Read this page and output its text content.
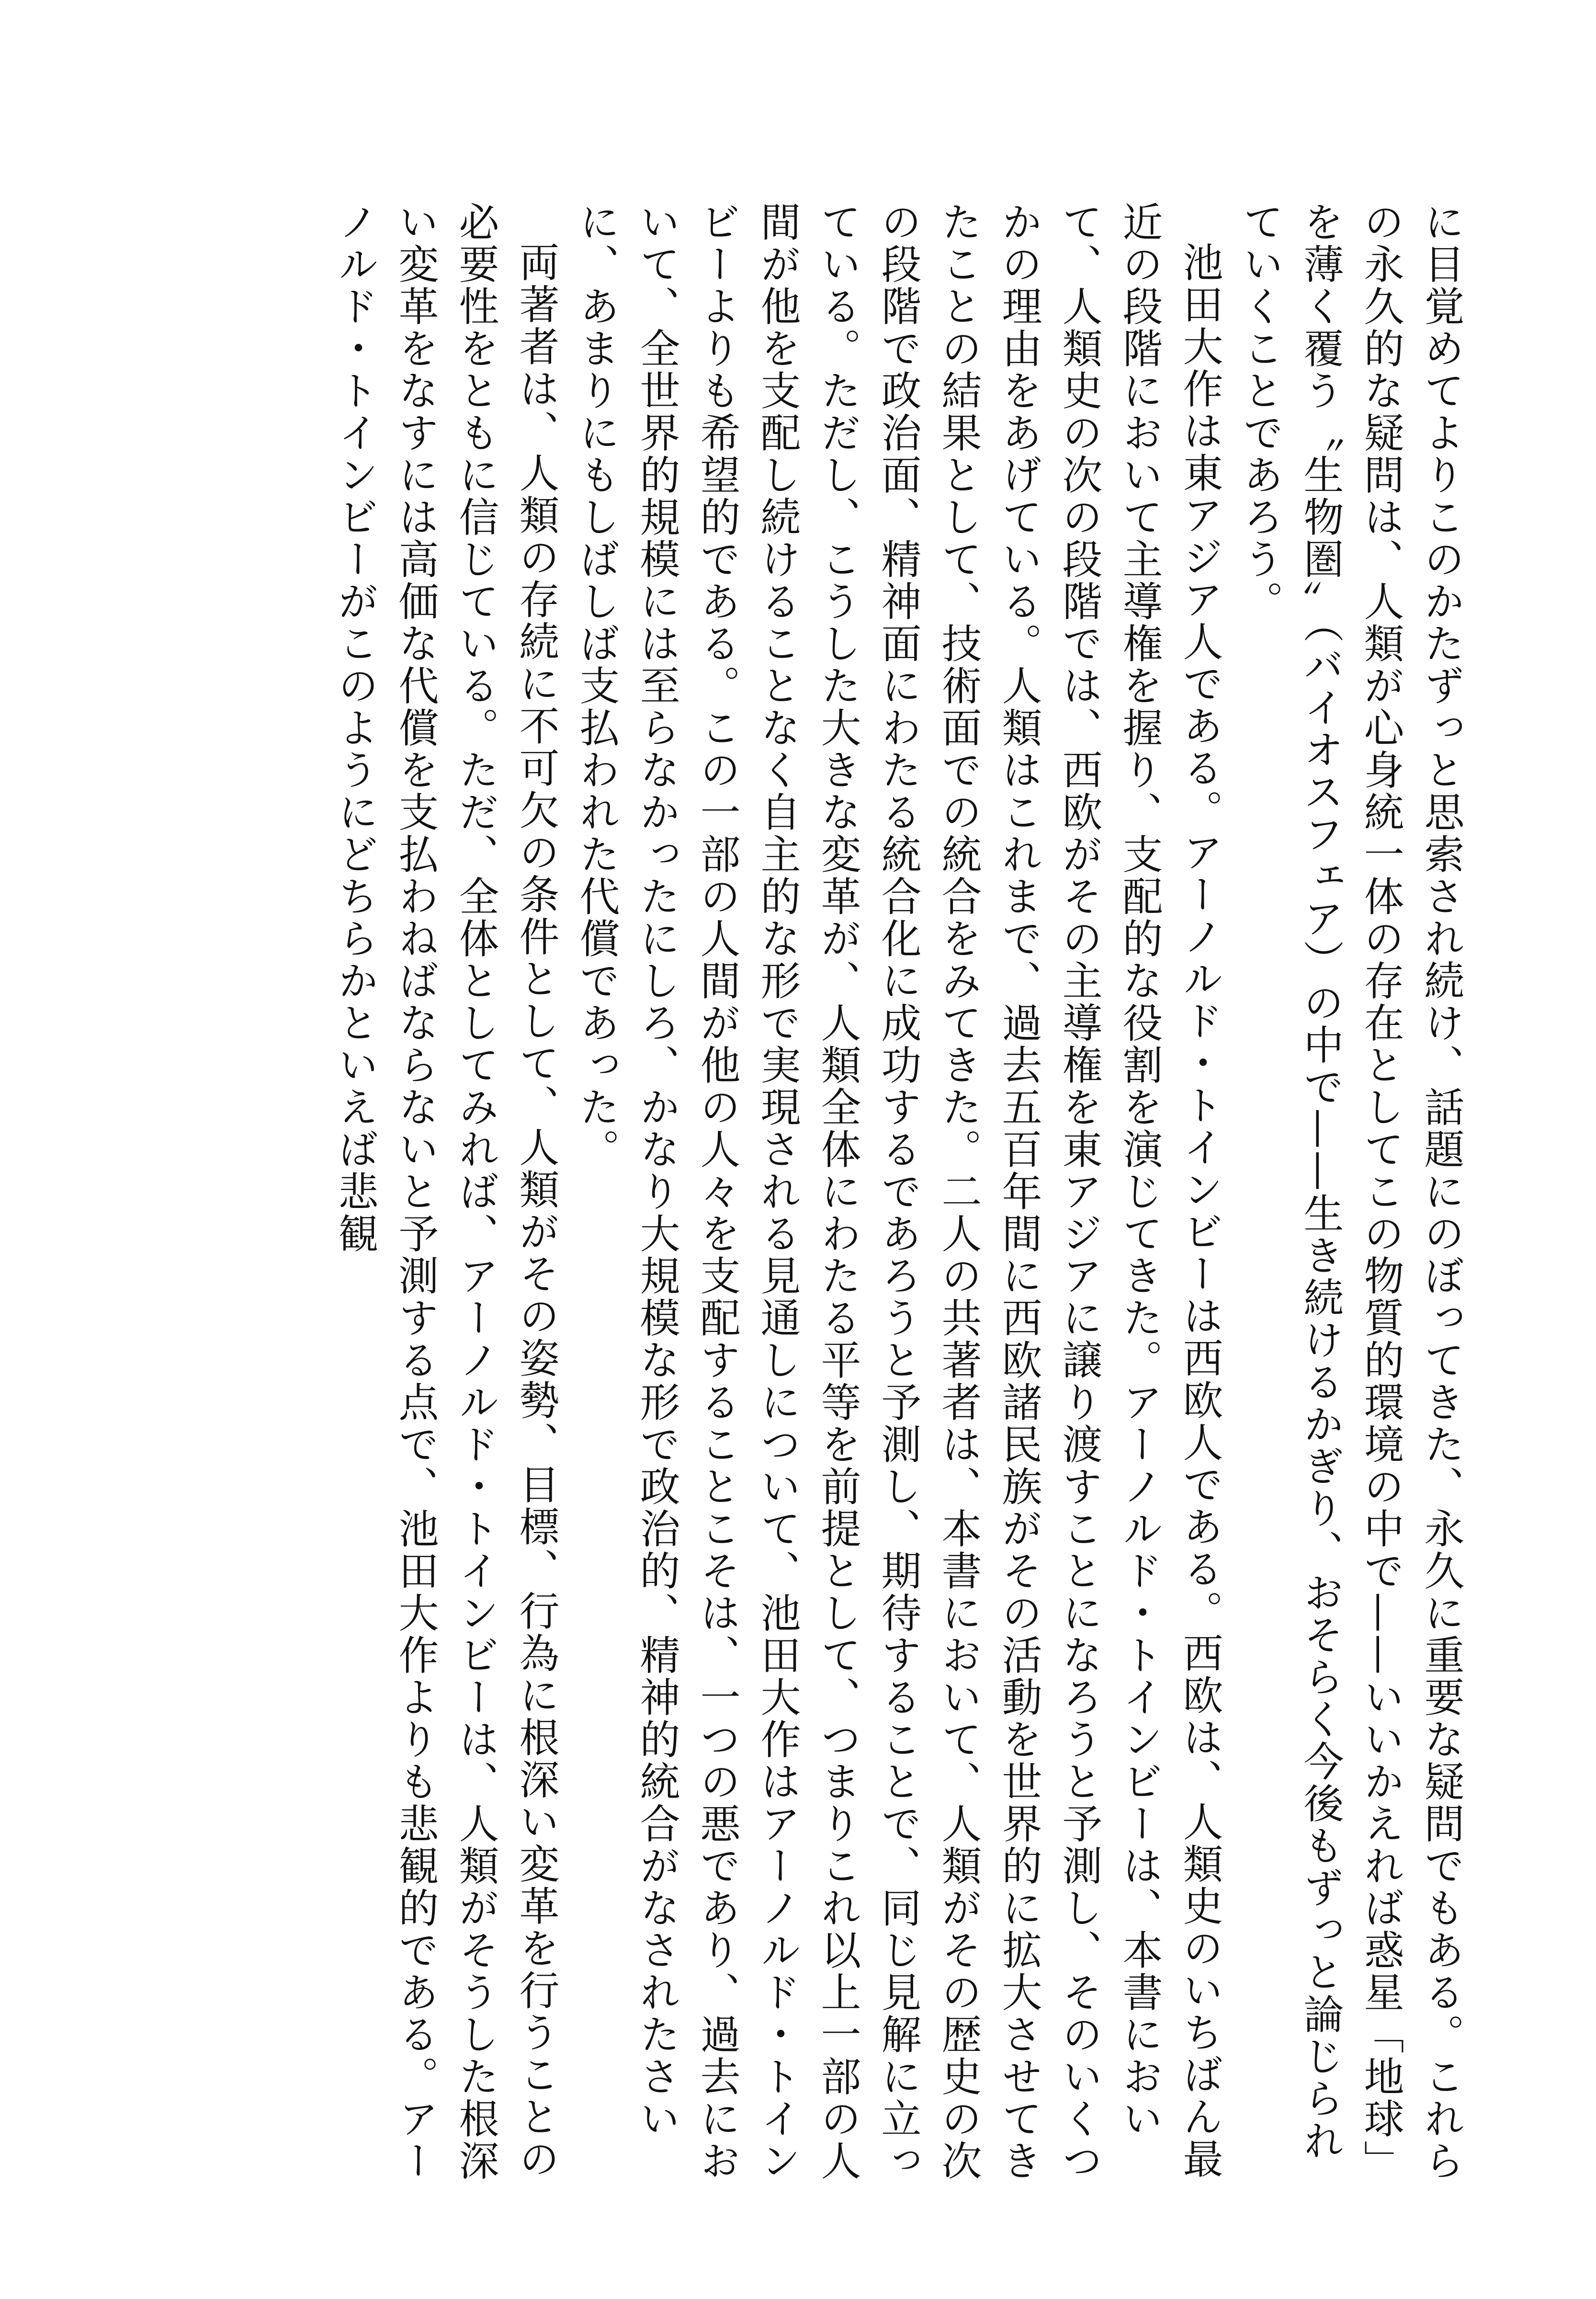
に目覚めてよりこのかたずっと思索され続け、話題にのぼってきた、永久に重要な疑問でもある。これらの永久的な疑問は、人類が心身統一体の存在としてこの物質的環境の中で——いいかえれば惑星「地球」を薄く覆う〝生物圏〟（バイオスフェア）の中で——生き続けるかぎり、おそらく今後もずっと論じられていくことであろう。

池田大作は東アジア人である。アーノルド・トインビーは西欧人である。西欧は、人類史のいちばん最近の段階において主導権を握り、支配的な役割を演じてきた。アーノルド・トインビーは、本書において、人類史の次の段階では、西欧がその主導権を東アジアに譲り渡すことになろうと予測し、そのいくつかの理由をあげている。人類はこれまで、過去五百年間に西欧諸民族がその活動を世界的に拡大させてきたことの結果として、技術面での統合をみてきた。二人の共著者は、本書において、人類がその歴史の次の段階で政治面、精神面にわたる統合化に成功するであろうと予測し、期待することで、同じ見解に立っている。ただし、こうした大きな変革が、人類全体にわたる平等を前提として、つまりこれ以上一部の人間が他を支配し続けることなく自主的な形で実現される見通しについて、池田大作はアーノルド・トインビーよりも希望的である。この一部の人間が他の人々を支配することこそは、一つの悪であり、過去において、全世界的規模には至らなかったにしろ、かなり大規模な形で政治的、精神的統合がなされたさいに、あまりにもしばしば支払われた代償であった。

両著者は、人類の存続に不可欠の条件として、人類がその姿勢、目標、行為に根深い変革を行うことの必要性をともに信じている。ただ、全体としてみれば、アーノルド・トインビーは、人類がそうした根深い変革をなすには高価な代償を支払わねばならないと予測する点で、池田大作よりも悲観的である。アーノルド・トインビーがこのようにどちらかといえば悲観
